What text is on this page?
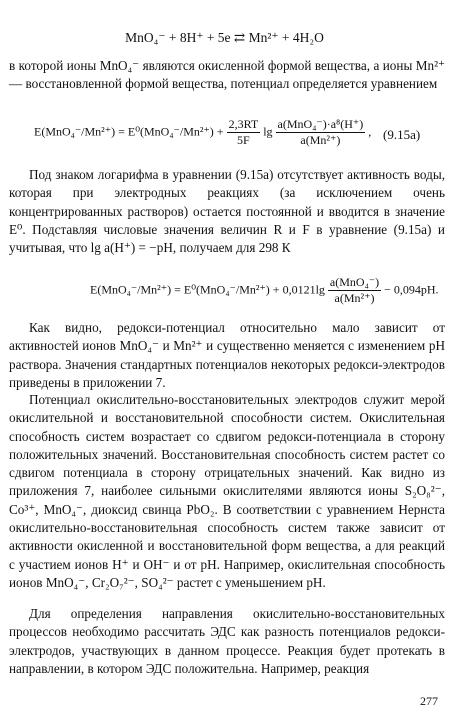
MnO₄⁻ + 8H⁺ + 5e ⇄ Mn²⁺ + 4H₂O

в которой ионы MnO₄⁻ являются окисленной формой вещества, а ионы Mn²⁺ — восстановленной формой вещества, потенциал определяется уравнением

$E(MnO_4^-/Mn^{2+}) = E^0(MnO_4^-/Mn^{2+}) + \frac{2,3RT}{5F}$ $\lg \frac{\text{a(MnO₄⁻)·a⁸(H⁺)}}{\text{a(Mn²⁺)}}$ , (9.15a)

Под знаком логарифма в уравнении (9.15a) отсутствует активность воды, которая при электродных реакциях (за исключением очень концентрированных растворов) остается постоянной и вводится в значение E⁰. Подставляя числовые значения величин R и F в уравнение (9.15a) и учитывая, что lg a(H⁺) = −pH, получаем для 298 К

$E(MnO_4^-/Mn^{2+}) = E^0(MnO_4^-/Mn^{2+}) + 0,0121\lg \frac{\text{a(MnO₄⁻)}}{\text{a(Mn²⁺)}} - 0,094pH$.

Как видно, редокси-потенциал относительно мало зависит от активностей ионов MnO₄⁻ и Mn²⁺ и существенно меняется с изменением pH раствора. Значения стандартных потенциалов некоторых редокси-электродов приведены в приложении 7.

Потенциал окислительно-восстановительных электродов служит мерой окислительной и восстановительной способности систем. Окислительная способность систем возрастает со сдвигом редокси-потенциала в сторону положительных значений. Восстановительная способность систем растет со сдвигом потенциала в сторону отрицательных значений. Как видно из приложения 7, наиболее сильными окислителями являются ионы S₂O₈²⁻, Co³⁺, MnO₄⁻, диоксид свинца PbO₂. В соответствии с уравнением Нернста окислительно-восстановительная способность систем также зависит от активности окисленной и восстановительной форм вещества, а для реакций с участием ионов H⁺ и OH⁻ и от pH. Например, окислительная способность ионов MnO₄⁻, Cr₂O₇²⁻, SO₄²⁻ растет с уменьшением pH.

Для определения направления окислительно-восстановительных процессов необходимо рассчитать ЭДС как разность потенциалов редокси-электродов, участвующих в данном процессе. Реакция будет протекать в направлении, в котором ЭДС положительна. Например, реакция

277
